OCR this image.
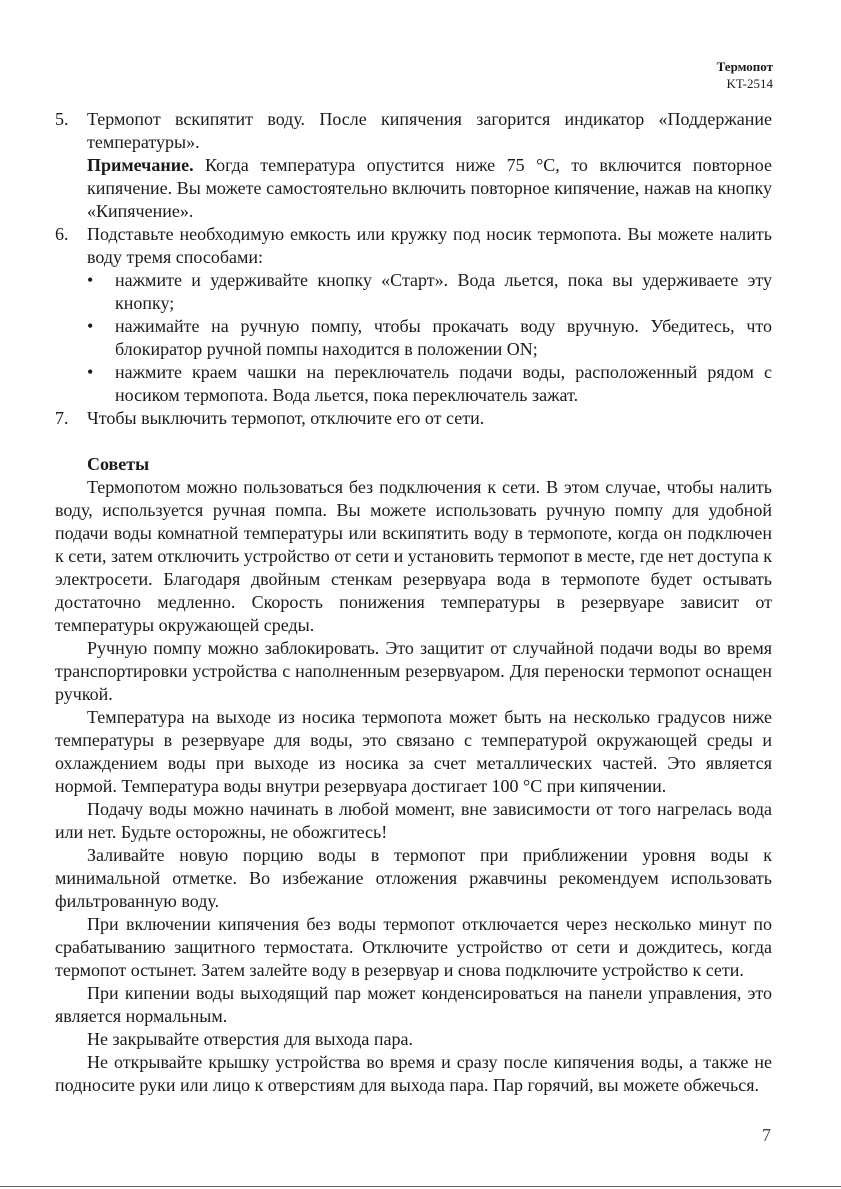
Термопот
KT-2514

5. Термопот вскипятит воду. После кипячения загорится индикатор «Поддержание температуры».

Примечание. Когда температура опустится ниже 75 °С, то включится повторное кипячение. Вы можете самостоятельно включить повторное кипячение, нажав на кнопку «Кипячение».

6. Подставьте необходимую емкость или кружку под носик термопота. Вы можете налить воду тремя способами:

• нажмите и удерживайте кнопку «Старт». Вода льется, пока вы удерживаете эту кнопку;

• нажимайте на ручную помпу, чтобы прокачать воду вручную. Убедитесь, что блокиратор ручной помпы находится в положении ON;

• нажмите краем чашки на переключатель подачи воды, расположенный рядом с носиком термопота. Вода льется, пока переключатель зажат.

7. Чтобы выключить термопот, отключите его от сети.

Советы

Термопотом можно пользоваться без подключения к сети. В этом случае, чтобы налить воду, используется ручная помпа. Вы можете использовать ручную помпу для удобной подачи воды комнатной температуры или вскипятить воду в термопоте, когда он подключен к сети, затем отключить устройство от сети и установить термопот в месте, где нет доступа к электросети. Благодаря двойным стенкам резервуара вода в термопоте будет остывать достаточно медленно. Скорость понижения температуры в резервуаре зависит от температуры окружающей среды.

Ручную помпу можно заблокировать. Это защитит от случайной подачи воды во время транспортировки устройства с наполненным резервуаром. Для переноски термопот оснащен ручкой.

Температура на выходе из носика термопота может быть на несколько градусов ниже температуры в резервуаре для воды, это связано с температурой окружающей среды и охлаждением воды при выходе из носика за счет металлических частей. Это является нормой. Температура воды внутри резервуара достигает 100 °С при кипячении.

Подачу воды можно начинать в любой момент, вне зависимости от того нагрелась вода или нет. Будьте осторожны, не обожгитесь!

Заливайте новую порцию воды в термопот при приближении уровня воды к минимальной отметке. Во избежание отложения ржавчины рекомендуем использовать фильтрованную воду.

При включении кипячения без воды термопот отключается через несколько минут по срабатыванию защитного термостата. Отключите устройство от сети и дождитесь, когда термопот остынет. Затем залейте воду в резервуар и снова подключите устройство к сети.

При кипении воды выходящий пар может конденсироваться на панели управления, это является нормальным.

Не закрывайте отверстия для выхода пара.

Не открывайте крышку устройства во время и сразу после кипячения воды, а также не подносите руки или лицо к отверстиям для выхода пара. Пар горячий, вы можете обжечься.

7
